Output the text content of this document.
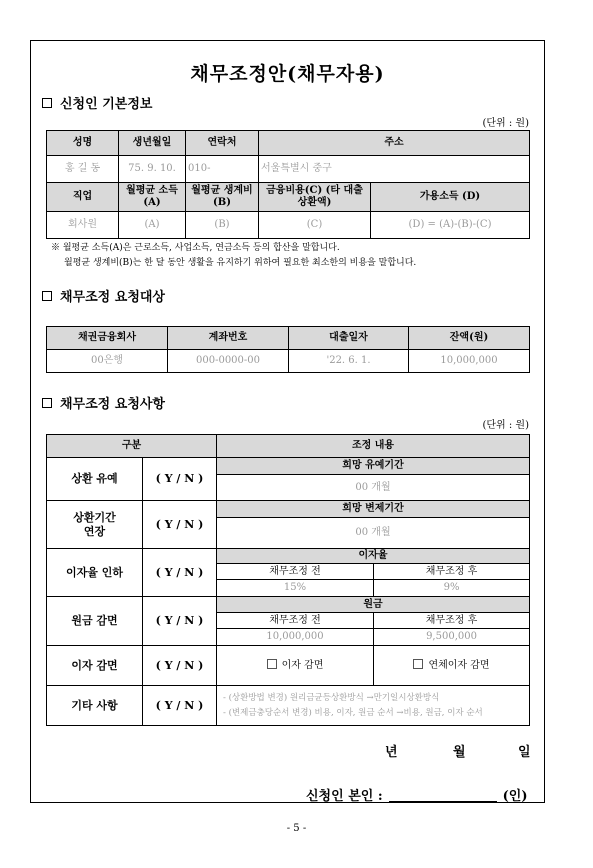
채무조정안(채무자용)
신청인 기본정보
(단위 : 원)
성명	생년월일	연락처	주소	
홍 길 동	75. 9. 10.	010-	서울특별시 중구	
직업	월평균 소득(A)	월평균 생계비(B)	금융비용(C) (타 대출 상환액)	가용소득 (D)
회사원	(A)	(B)	(C)	(D) = (A)-(B)-(C)
※ 월평균 소득(A)은 근로소득, 사업소득, 연금소득 등의 합산을 말합니다.
월평균 생계비(B)는 한 달 동안 생활을 유지하기 위하여 필요한 최소한의 비용을 말합니다.
채무조정 요청대상
채권금융회사	계좌번호	대출일자	잔액(원)
00은행	000-0000-00	'22. 6. 1.	10,000,000
채무조정 요청사항
(단위 : 원)
구분		조정 내용	
상환 유예	( Y / N )	희망 유예기간	
		00 개월	
상환기간
연장	( Y / N )	희망 변제기간	
		00 개월	
이자율 인하	( Y / N )	이자율	
		채무조정 전	채무조정 후
		15%	9%
원금 감면	( Y / N )	원금	
		채무조정 전	채무조정 후
		10,000,000	9,500,000
이자 감면	( Y / N )	이자 감면	연체이자 감면
기타 사항	( Y / N )	- (상환방법 변경) 원리금균등상환방식 →만기일시상환방식
- (변제금충당순서 변경) 비용, 이자, 원금 순서 →비용, 원금, 이자 순서	
년	월	일
신청인 본인 :	(인)
- 5 -
